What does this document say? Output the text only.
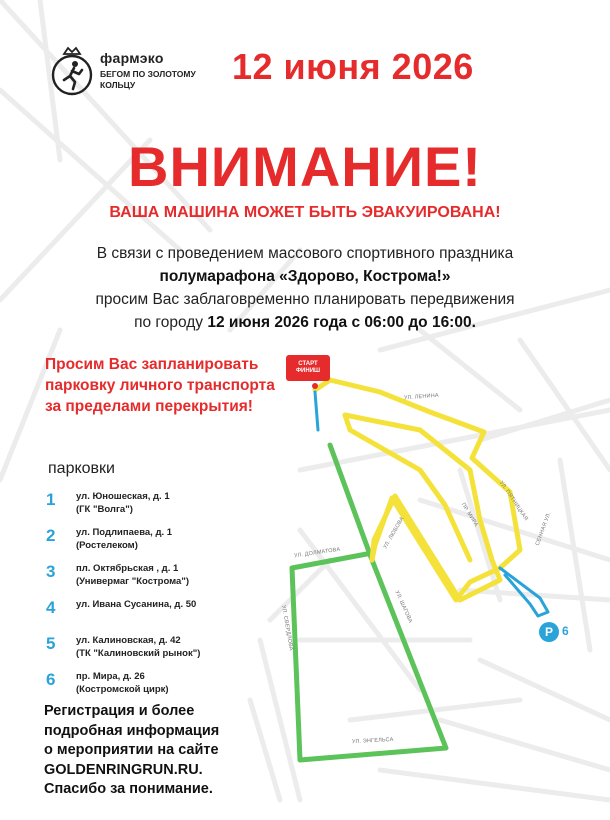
фармэко
БЕГОМ ПО ЗОЛОТОМУ КОЛЬЦУ	12 июня 2026
ВНИМАНИЕ!
ВАША МАШИНА МОЖЕТ БЫТЬ ЭВАКУИРОВАНА!
В связи с проведением массового спортивного праздника
полумарафона «Здорово, Кострома!»
просим Вас заблаговременно планировать передвижения
по городу 12 июня 2026 года с 06:00 до 16:00.
Просим Вас запланировать парковку личного транспорта за пределами перекрытия!
парковки
1 ул. Юношеская, д. 1
(ГК "Волга")
2 ул. Подлипаева, д. 1
(Ростелеком)
3 пл. Октябрьская , д. 1
(Универмаг "Кострома")
4 ул. Ивана Сусанина, д. 50
5 ул. Калиновская, д. 42
(ТК "Калиновский рынок")
6 пр. Мира, д. 26
(Костромской цирк)
Регистрация и более
подробная информация
о мероприятии на сайте
GOLDENRINGRUN.RU.
Спасибо за понимание.
СТАРТ
ФИНИШ
P 6
УЛ. ЛЕНИНА
УЛ. ПЯТНИЦКАЯ
ПР. МИРА
УЛ. ЛЮБОВА
УЛ. ДОЛМАТОВА
УЛ. СВЕРДЛОВА	УЛ. ШАГОВА
УЛ. ЭНГЕЛЬСА
СЕННАЯ УЛ.
